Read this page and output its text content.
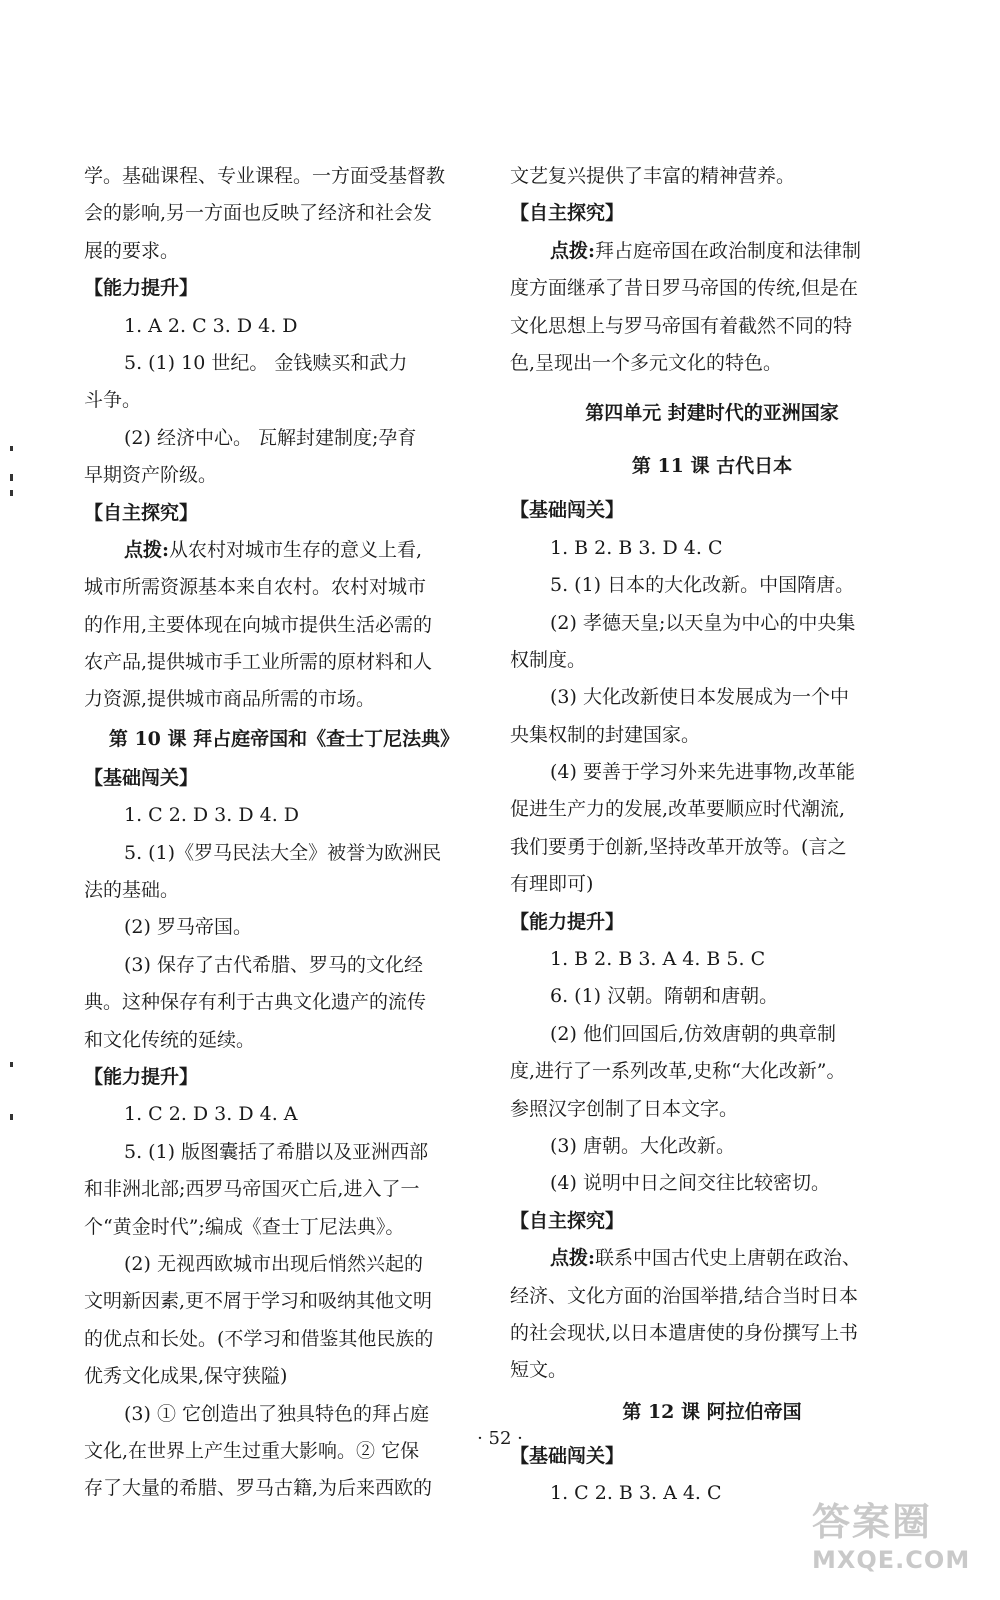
学。基础课程、专业课程。一方面受基督教
会的影响,另一方面也反映了经济和社会发
展的要求。
【能力提升】
1. A 2. C 3. D 4. D
5. (1) 10 世纪。 金钱赎买和武力
斗争。
(2) 经济中心。 瓦解封建制度;孕育
早期资产阶级。
【自主探究】
点拨:从农村对城市生存的意义上看,
城市所需资源基本来自农村。农村对城市
的作用,主要体现在向城市提供生活必需的
农产品,提供城市手工业所需的原材料和人
力资源,提供城市商品所需的市场。
第 10 课 拜占庭帝国和《查士丁尼法典》
【基础闯关】
1. C 2. D 3. D 4. D
5. (1)《罗马民法大全》被誉为欧洲民
法的基础。
(2) 罗马帝国。
(3) 保存了古代希腊、罗马的文化经
典。这种保存有利于古典文化遗产的流传
和文化传统的延续。
【能力提升】
1. C 2. D 3. D 4. A
5. (1) 版图囊括了希腊以及亚洲西部
和非洲北部;西罗马帝国灭亡后,进入了一
个“黄金时代”;编成《查士丁尼法典》。
(2) 无视西欧城市出现后悄然兴起的
文明新因素,更不屑于学习和吸纳其他文明
的优点和长处。(不学习和借鉴其他民族的
优秀文化成果,保守狭隘)
(3) ① 它创造出了独具特色的拜占庭
文化,在世界上产生过重大影响。② 它保
存了大量的希腊、罗马古籍,为后来西欧的
文艺复兴提供了丰富的精神营养。
【自主探究】
点拨:拜占庭帝国在政治制度和法律制
度方面继承了昔日罗马帝国的传统,但是在
文化思想上与罗马帝国有着截然不同的特
色,呈现出一个多元文化的特色。
第四单元 封建时代的亚洲国家
第 11 课 古代日本
【基础闯关】
1. B 2. B 3. D 4. C
5. (1) 日本的大化改新。中国隋唐。
(2) 孝德天皇;以天皇为中心的中央集
权制度。
(3) 大化改新使日本发展成为一个中
央集权制的封建国家。
(4) 要善于学习外来先进事物,改革能
促进生产力的发展,改革要顺应时代潮流,
我们要勇于创新,坚持改革开放等。(言之
有理即可)
【能力提升】
1. B 2. B 3. A 4. B 5. C
6. (1) 汉朝。隋朝和唐朝。
(2) 他们回国后,仿效唐朝的典章制
度,进行了一系列改革,史称“大化改新”。
参照汉字创制了日本文字。
(3) 唐朝。大化改新。
(4) 说明中日之间交往比较密切。
【自主探究】
点拨:联系中国古代史上唐朝在政治、
经济、文化方面的治国举措,结合当时日本
的社会现状,以日本遣唐使的身份撰写上书
短文。
第 12 课 阿拉伯帝国
【基础闯关】
1. C 2. B 3. A 4. C
· 52 ·
答案圈
MXQE.COM
